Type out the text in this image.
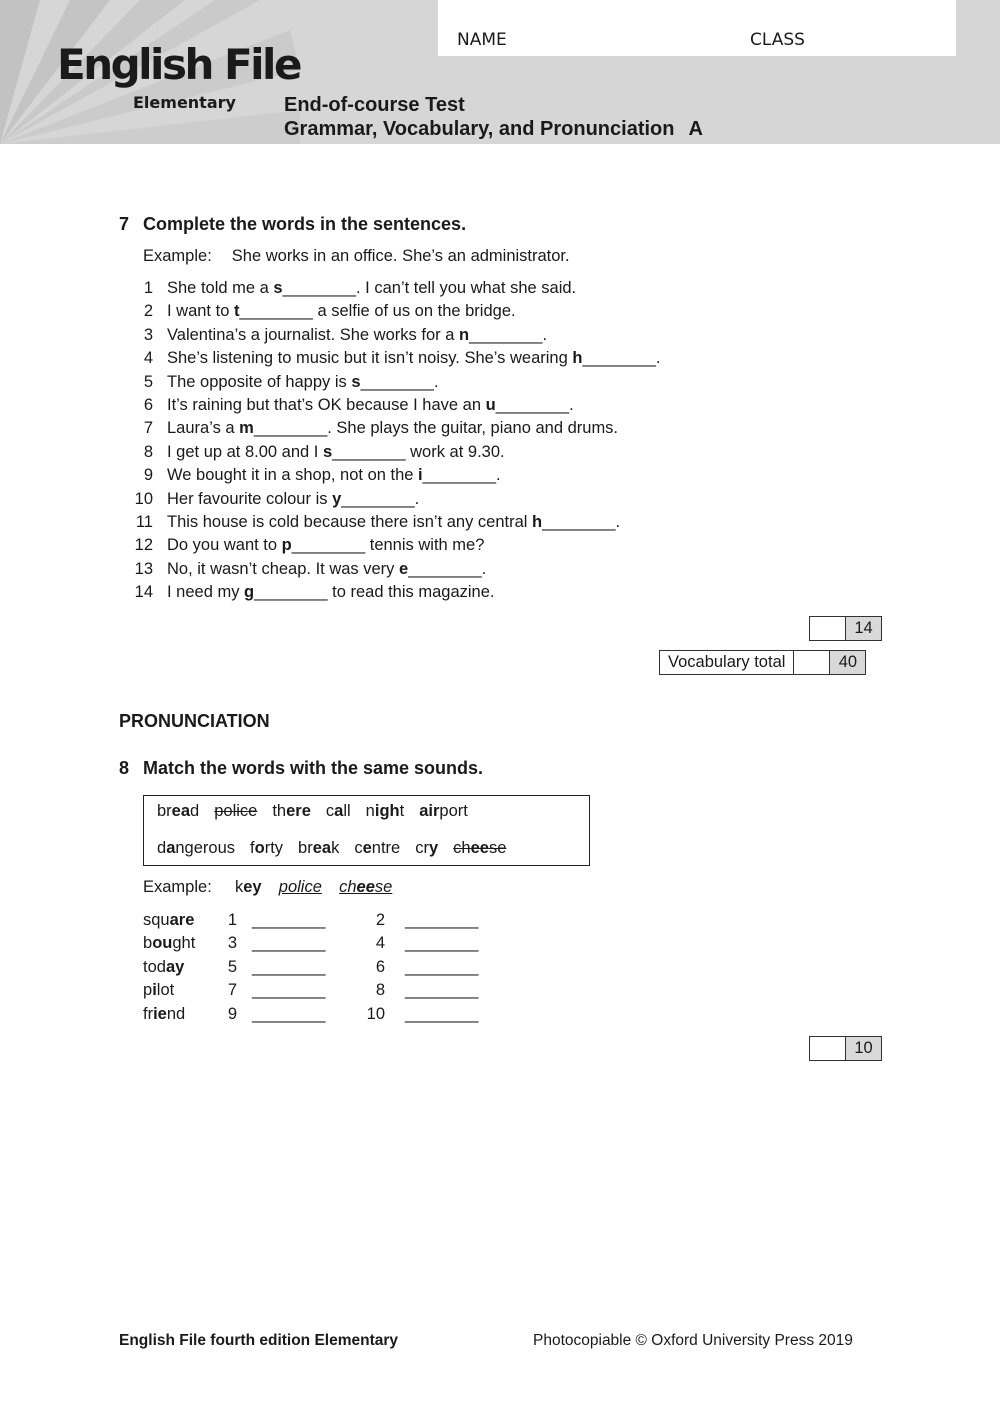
NAME	CLASS
English File
Elementary End-of-course Test
Grammar, Vocabulary, and Pronunciation A
7 Complete the words in the sentences.
Example: She works in an office. She’s an administrator.
1 She told me a s________. I can’t tell you what she said.
2 I want to t________ a selfie of us on the bridge.
3 Valentina’s a journalist. She works for a n________.
4 She’s listening to music but it isn’t noisy. She’s wearing h________.
5 The opposite of happy is s________.
6 It’s raining but that’s OK because I have an u________.
7 Laura’s a m________. She plays the guitar, piano and drums.
8 I get up at 8.00 and I s________ work at 9.30.
9 We bought it in a shop, not on the i________.
10 Her favourite colour is y________.
11 This house is cold because there isn’t any central h________.
12 Do you want to p________ tennis with me?
13 No, it wasn’t cheap. It was very e________.
14 I need my g________ to read this magazine.
14
Vocabulary total	40
PRONUNCIATION
8 Match the words with the same sounds.
bread police there call night airport
dangerous forty break centre cry cheese
Example: key police cheese
square 1 ________	2 ________
bought 3 ________	4 ________
today	5 ________	6 ________
pilot	7 ________	8 ________
friend	9 ________	10 ________
10
English File fourth edition Elementary	Photocopiable © Oxford University Press 2019
